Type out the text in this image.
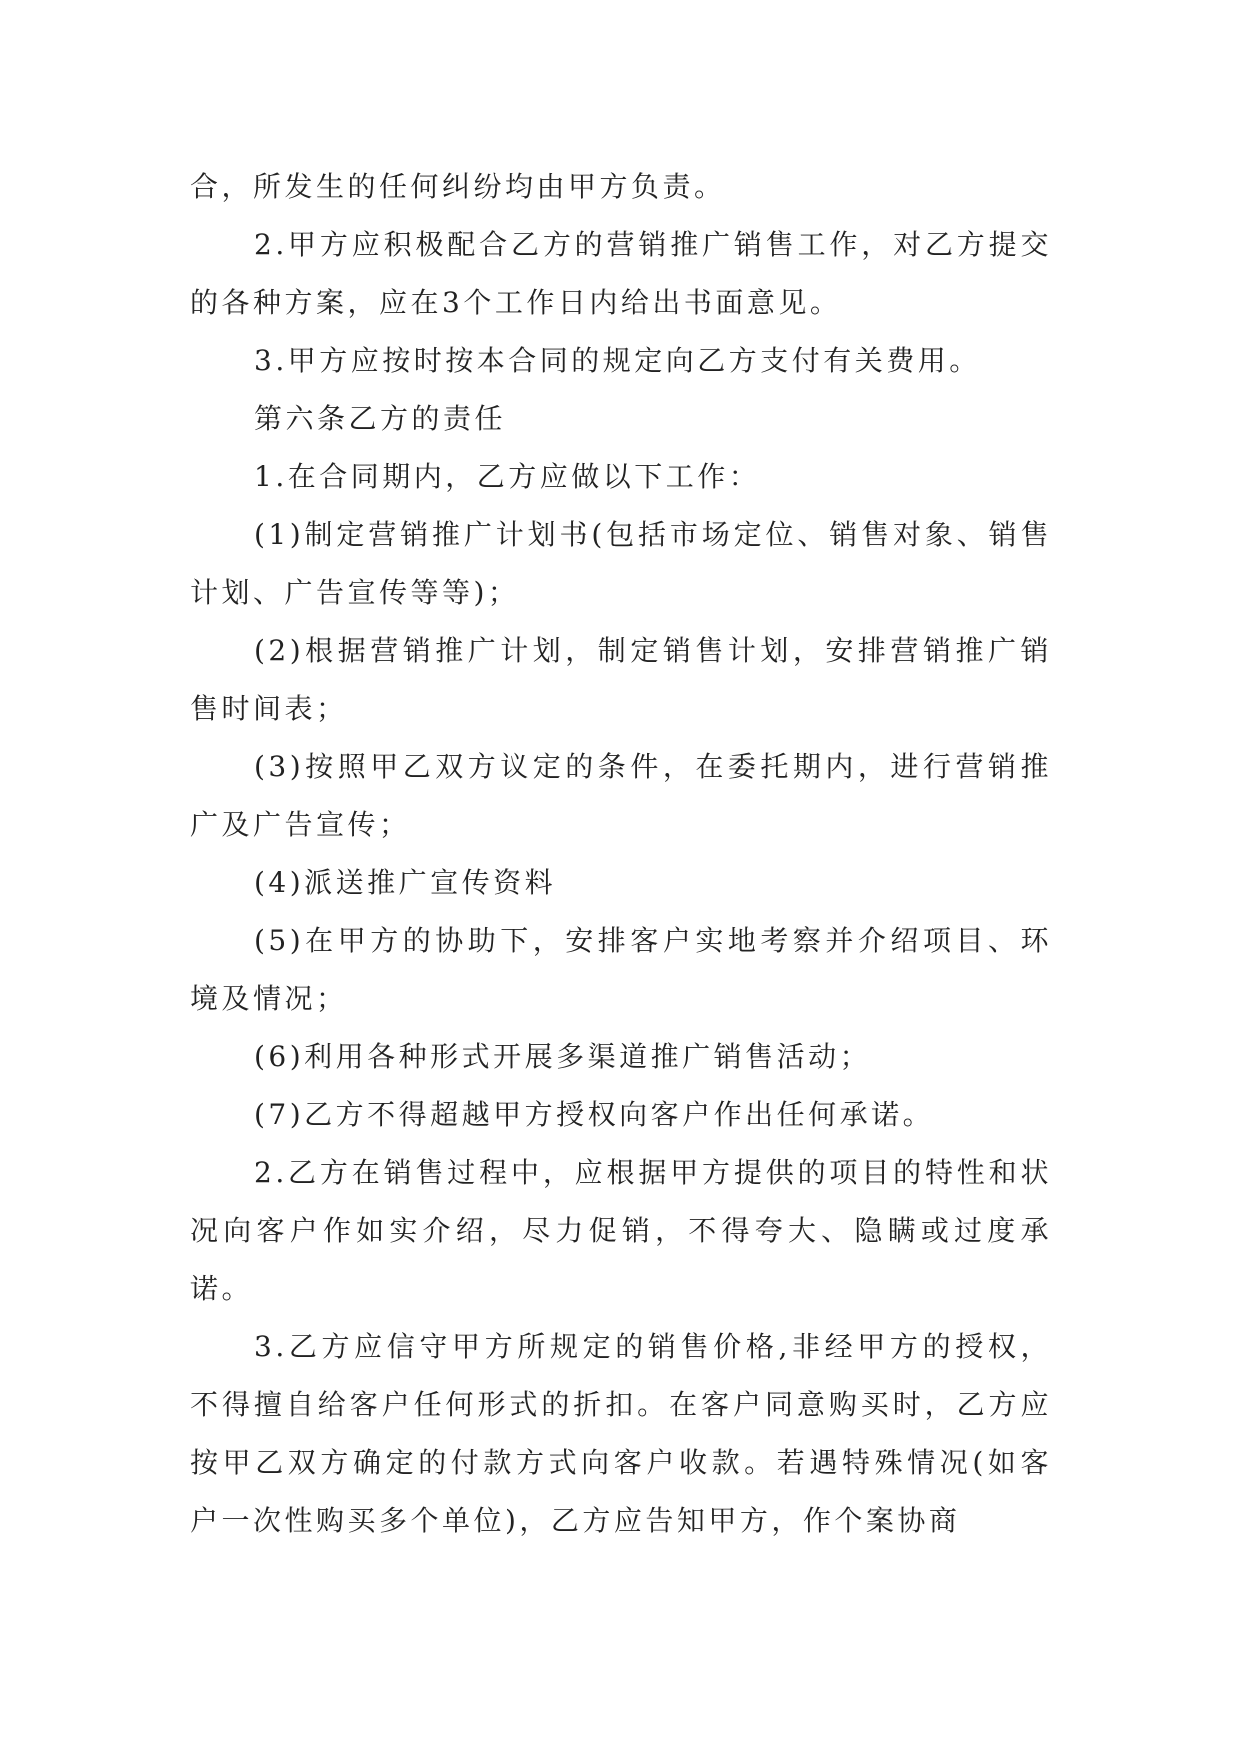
合，所发生的任何纠纷均由甲方负责。

2.甲方应积极配合乙方的营销推广销售工作，对乙方提交的各种方案，应在3个工作日内给出书面意见。

3.甲方应按时按本合同的规定向乙方支付有关费用。

第六条乙方的责任

1.在合同期内，乙方应做以下工作：

(1)制定营销推广计划书(包括市场定位、销售对象、销售计划、广告宣传等等)；

(2)根据营销推广计划，制定销售计划，安排营销推广销售时间表；

(3)按照甲乙双方议定的条件，在委托期内，进行营销推广及广告宣传；

(4)派送推广宣传资料

(5)在甲方的协助下，安排客户实地考察并介绍项目、环境及情况；

(6)利用各种形式开展多渠道推广销售活动；

(7)乙方不得超越甲方授权向客户作出任何承诺。

2.乙方在销售过程中，应根据甲方提供的项目的特性和状况向客户作如实介绍，尽力促销，不得夸大、隐瞒或过度承诺。

3.乙方应信守甲方所规定的销售价格,非经甲方的授权，不得擅自给客户任何形式的折扣。在客户同意购买时，乙方应按甲乙双方确定的付款方式向客户收款。若遇特殊情况(如客户一次性购买多个单位)，乙方应告知甲方，作个案协商
